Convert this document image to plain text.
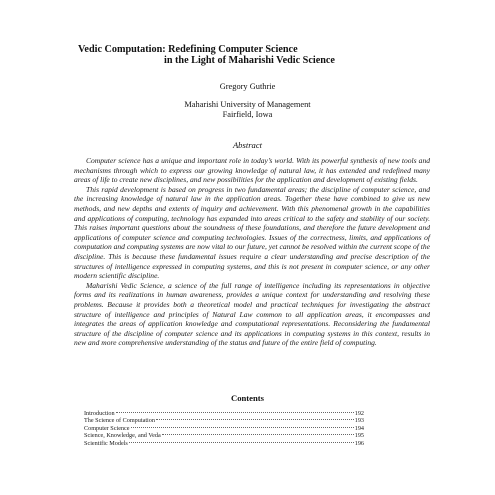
Vedic Computation: Redefining Computer Science
in the Light of Maharishi Vedic Science
Gregory Guthrie
Maharishi University of Management
Fairfield, Iowa
Abstract

Computer science has a unique and important role in today’s world. With its powerful synthesis of new tools and mechanisms through which to express our growing knowledge of natural law, it has extended and redefined many areas of life to create new disciplines, and new possibilities for the application and development of existing fields.

This rapid development is based on progress in two fundamental areas; the discipline of computer science, and the increasing knowledge of natural law in the application areas. Together these have combined to give us new methods, and new depths and extents of inquiry and achievement. With this phenomenal growth in the capabilities and applications of computing, technology has expanded into areas critical to the safety and stability of our society. This raises important questions about the soundness of these foundations, and therefore the future development and applications of computer science and computing technologies. Issues of the correctness, limits, and applications of computation and computing systems are now vital to our future, yet cannot be resolved within the current scope of the discipline. This is because these fundamental issues require a clear understanding and precise description of the structures of intelligence expressed in computing systems, and this is not present in computer science, or any other modern scientific discipline.

Maharishi Vedic Science, a science of the full range of intelligence including its representations in objective forms and its realizations in human awareness, provides a unique context for understanding and resolving these problems. Because it provides both a theoretical model and practical techniques for investigating the abstract structure of intelligence and principles of Natural Law common to all application areas, it encompasses and integrates the areas of application knowledge and computational representations. Reconsidering the fundamental structure of the discipline of computer science and its applications in computing systems in this context, results in new and more comprehensive understanding of the status and future of the entire field of computing.

Contents
Introduction	192
The Science of Computation	193
Computer Science	194
Science, Knowledge, and Veda	195
Scientific Models	196
